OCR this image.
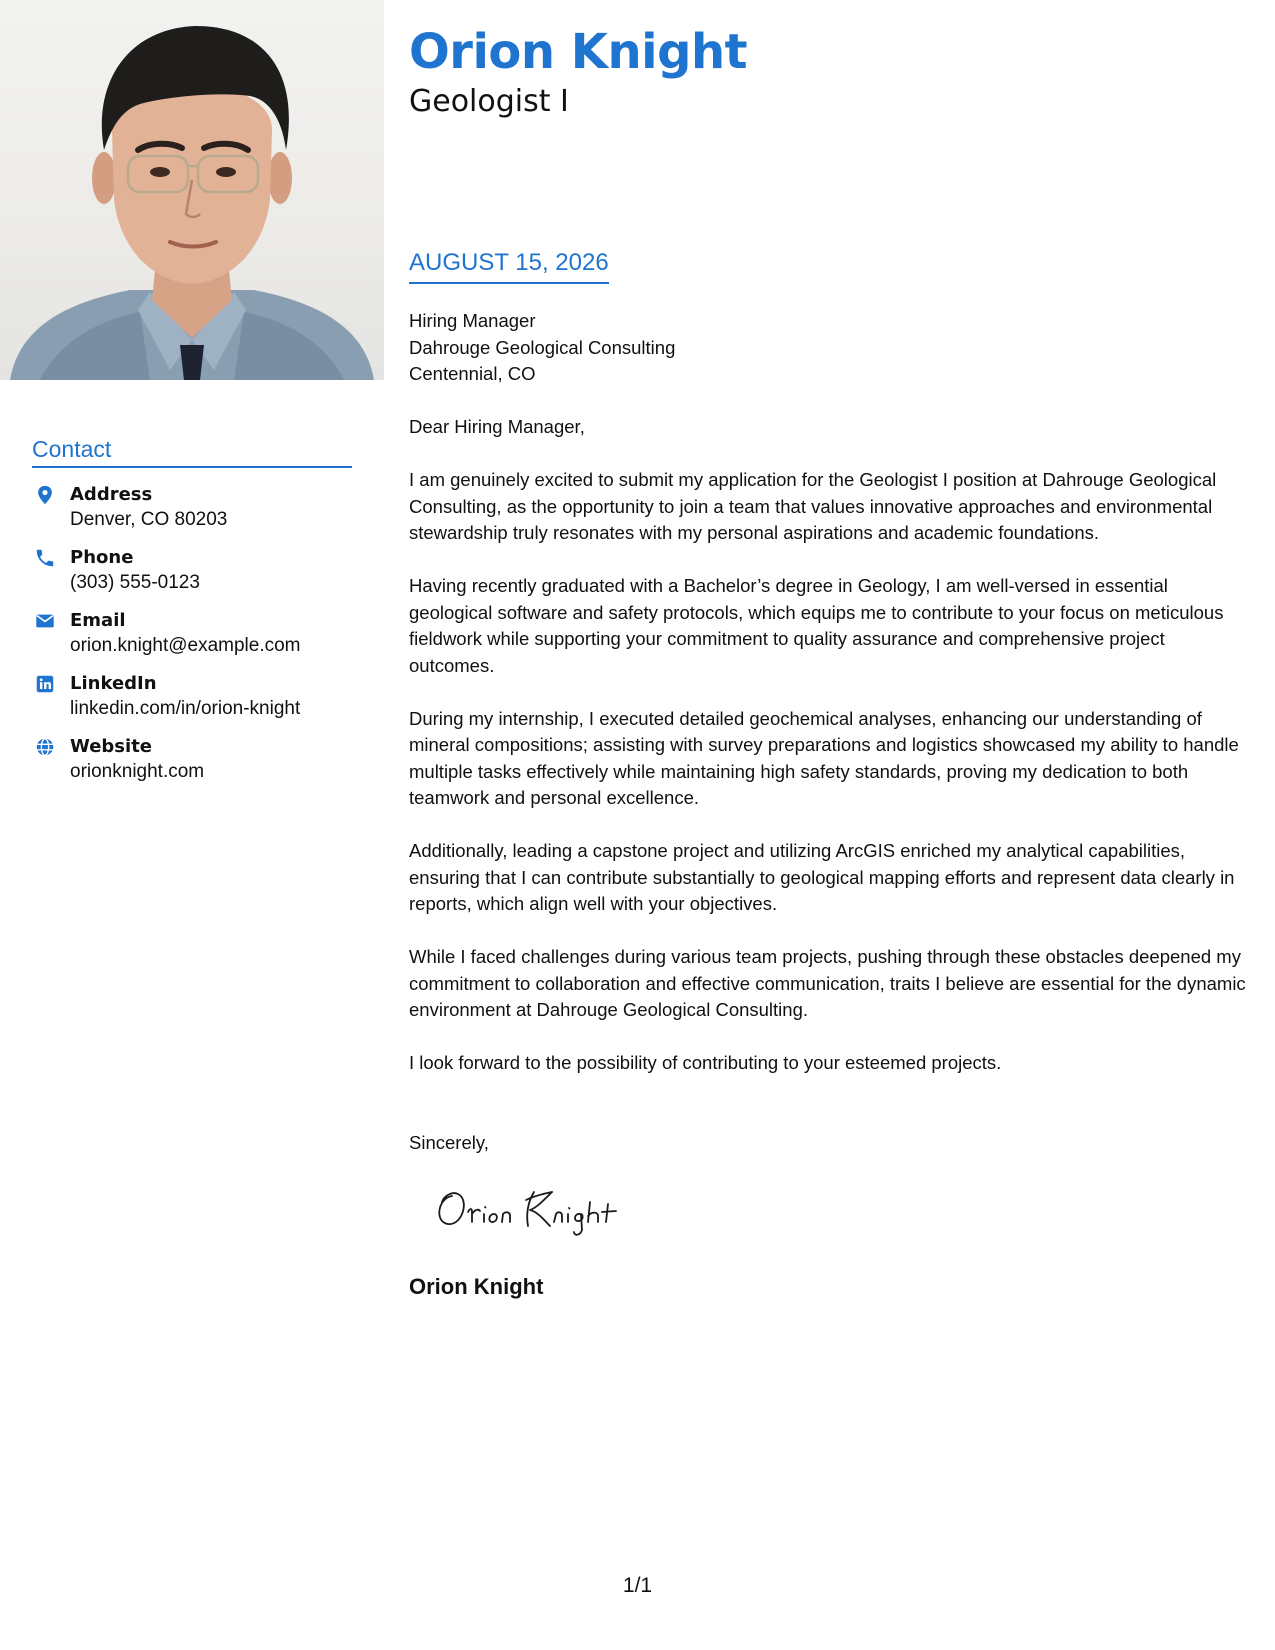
Contact
Address
Denver, CO 80203
Phone
(303) 555-0123
Email
orion.knight@example.com
LinkedIn
linkedin.com/in/orion-knight
Website
orionknight.com
Orion Knight
Geologist I
AUGUST 15, 2026
Hiring Manager
Dahrouge Geological Consulting
Centennial, CO

Dear Hiring Manager,

I am genuinely excited to submit my application for the Geologist I position at Dahrouge Geological Consulting, as the opportunity to join a team that values innovative approaches and environmental stewardship truly resonates with my personal aspirations and academic foundations.

Having recently graduated with a Bachelor’s degree in Geology, I am well-versed in essential geological software and safety protocols, which equips me to contribute to your focus on meticulous fieldwork while supporting your commitment to quality assurance and comprehensive project outcomes.

During my internship, I executed detailed geochemical analyses, enhancing our understanding of mineral compositions; assisting with survey preparations and logistics showcased my ability to handle multiple tasks effectively while maintaining high safety standards, proving my dedication to both teamwork and personal excellence.

Additionally, leading a capstone project and utilizing ArcGIS enriched my analytical capabilities, ensuring that I can contribute substantially to geological mapping efforts and represent data clearly in reports, which align well with your objectives.

While I faced challenges during various team projects, pushing through these obstacles deepened my commitment to collaboration and effective communication, traits I believe are essential for the dynamic environment at Dahrouge Geological Consulting.

I look forward to the possibility of contributing to your esteemed projects.

Sincerely,
Orion Knight
1/1
